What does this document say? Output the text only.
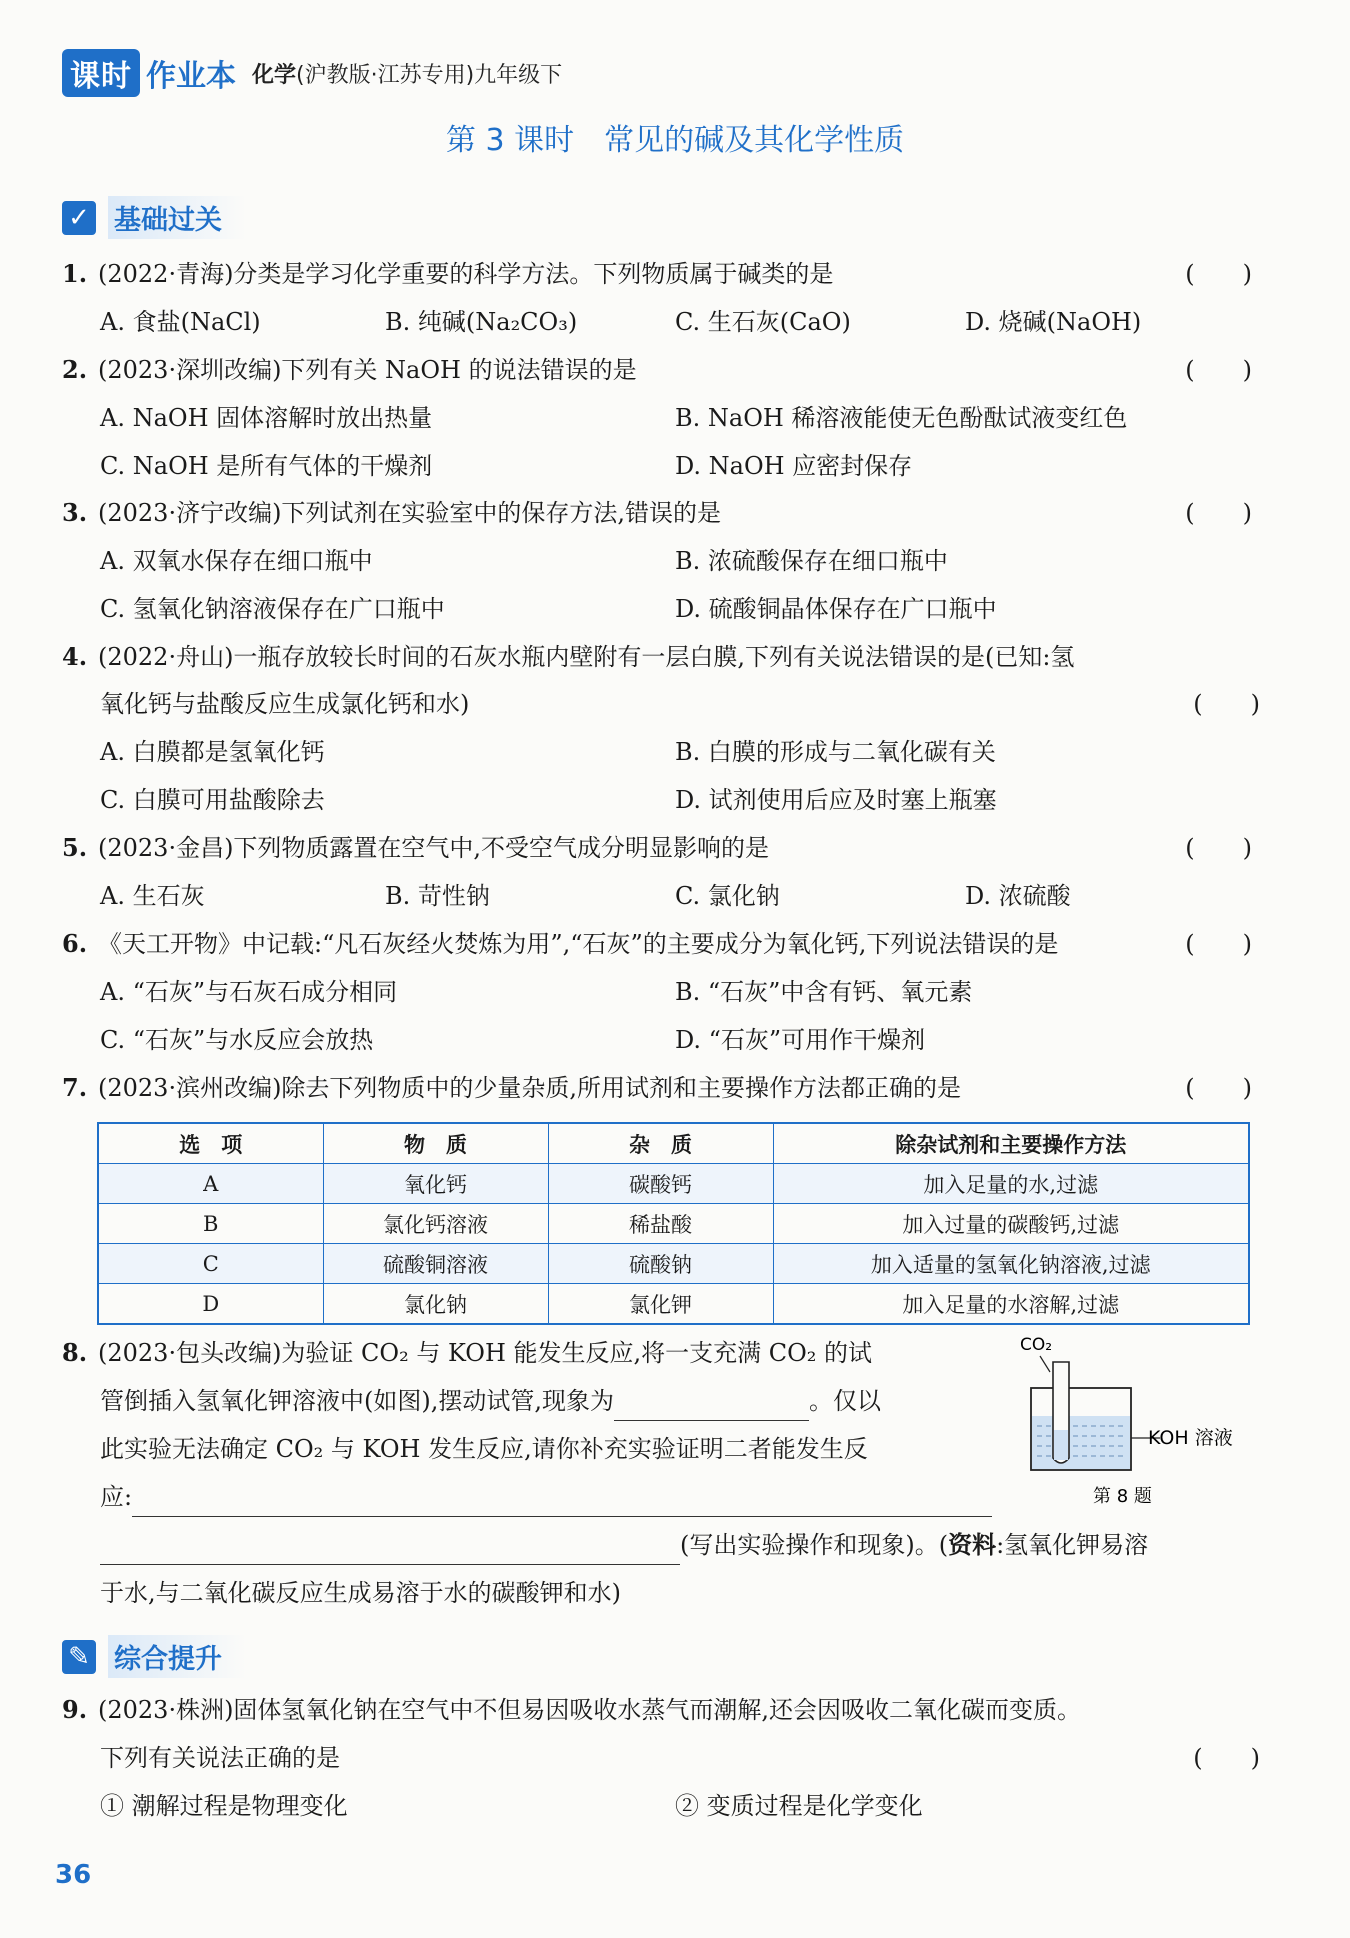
课时 作业本 化学(沪教版·江苏专用)九年级下
第 3 课时　常见的碱及其化学性质
✓ 基础过关
1. (2022·青海)分类是学习化学重要的科学方法。下列物质属于碱类的是	(　　)
A. 食盐(NaCl)	B. 纯碱(Na₂CO₃)	C. 生石灰(CaO)	D. 烧碱(NaOH)
2. (2023·深圳改编)下列有关 NaOH 的说法错误的是	(　　)
A. NaOH 固体溶解时放出热量	B. NaOH 稀溶液能使无色酚酞试液变红色
C. NaOH 是所有气体的干燥剂	D. NaOH 应密封保存
3. (2023·济宁改编)下列试剂在实验室中的保存方法,错误的是	(　　)
A. 双氧水保存在细口瓶中	B. 浓硫酸保存在细口瓶中
C. 氢氧化钠溶液保存在广口瓶中	D. 硫酸铜晶体保存在广口瓶中
4. (2022·舟山)一瓶存放较长时间的石灰水瓶内壁附有一层白膜,下列有关说法错误的是(已知:氢
氧化钙与盐酸反应生成氯化钙和水)	(　　)
A. 白膜都是氢氧化钙	B. 白膜的形成与二氧化碳有关
C. 白膜可用盐酸除去	D. 试剂使用后应及时塞上瓶塞
5. (2023·金昌)下列物质露置在空气中,不受空气成分明显影响的是	(　　)
A. 生石灰	B. 苛性钠	C. 氯化钠	D. 浓硫酸
6. 《天工开物》中记载:“凡石灰经火焚炼为用”,“石灰”的主要成分为氧化钙,下列说法错误的是	(　　)
A. “石灰”与石灰石成分相同	B. “石灰”中含有钙、氧元素
C. “石灰”与水反应会放热	D. “石灰”可用作干燥剂
7. (2023·滨州改编)除去下列物质中的少量杂质,所用试剂和主要操作方法都正确的是	(　　)
选　项	物　质	杂　质	除杂试剂和主要操作方法
A	氧化钙	碳酸钙	加入足量的水,过滤
B	氯化钙溶液	稀盐酸	加入过量的碳酸钙,过滤
C	硫酸铜溶液	硫酸钠	加入适量的氢氧化钠溶液,过滤
D	氯化钠	氯化钾	加入足量的水溶解,过滤
8. (2023·包头改编)为验证 CO₂ 与 KOH 能发生反应,将一支充满 CO₂ 的试
管倒插入氢氧化钾溶液中(如图),摆动试管,现象为	。仅以
此实验无法确定 CO₂ 与 KOH 发生反应,请你补充实验证明二者能发生反
应:
(写出实验操作和现象)。(资料:氢氧化钾易溶
于水,与二氧化碳反应生成易溶于水的碳酸钾和水)
CO₂
KOH 溶液
第 8 题
✎ 综合提升
9. (2023·株洲)固体氢氧化钠在空气中不但易因吸收水蒸气而潮解,还会因吸收二氧化碳而变质。
下列有关说法正确的是	(　　)
① 潮解过程是物理变化	② 变质过程是化学变化
36
